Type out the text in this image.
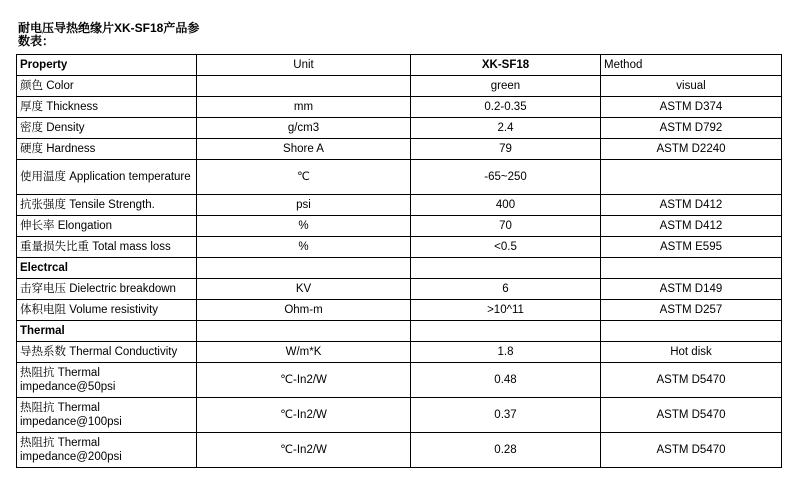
耐电压导热绝缘片XK-SF18产品参数表：
Property	Unit	XK-SF18	Method
颜色 Color		green	visual
厚度 Thickness	mm	0.2-0.35	ASTM D374
密度 Density	g/cm3	2.4	ASTM D792
硬度 Hardness	Shore A	79	ASTM D2240
使用温度 Application temperature	℃	-65~250	
抗张强度 Tensile Strength.	psi	400	ASTM D412
伸长率 Elongation	%	70	ASTM D412
重量损失比重 Total mass loss	%	<0.5	ASTM E595
Electrcal			
击穿电压 Dielectric breakdown	KV	6	ASTM D149
体积电阻 Volume resistivity	Ohm-m	>10^11	ASTM D257
Thermal			
导热系数 Thermal Conductivity	W/m*K	1.8	Hot disk
热阻抗 Thermal impedance@50psi	℃-In2/W	0.48	ASTM D5470
热阻抗 Thermal impedance@100psi	℃-In2/W	0.37	ASTM D5470
热阻抗 Thermal impedance@200psi	℃-In2/W	0.28	ASTM D5470
